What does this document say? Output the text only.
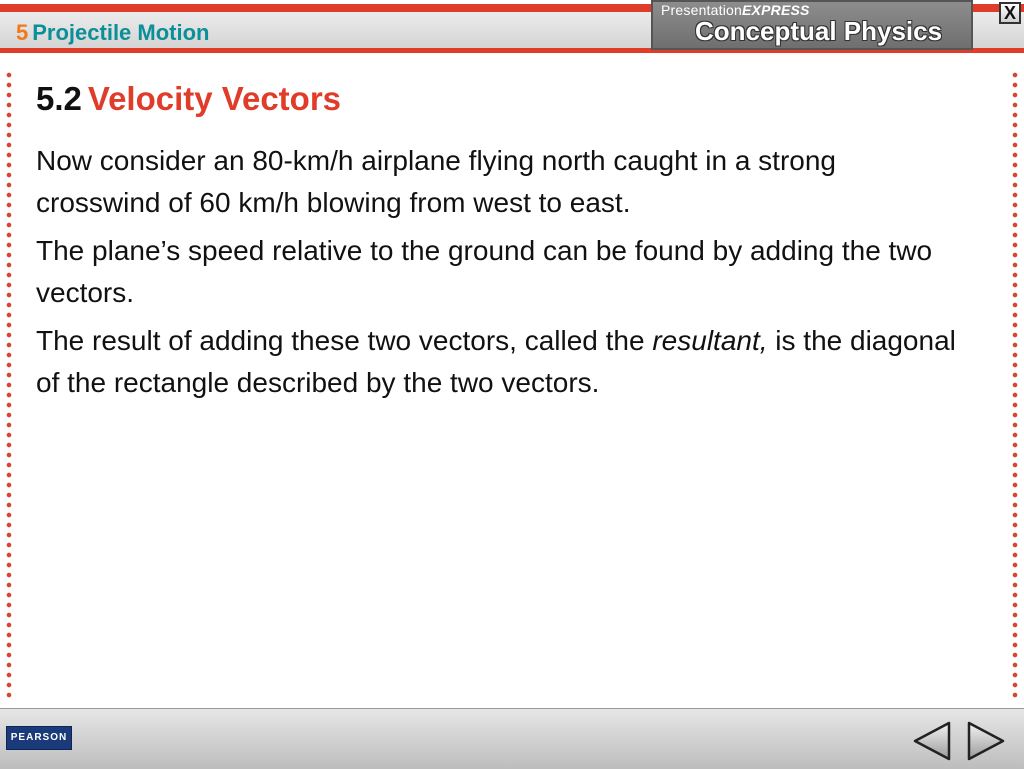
5 Projectile Motion
PresentationEXPRESS
Conceptual Physics
X
5.2 Velocity Vectors

Now consider an 80-km/h airplane flying north caught in a strong crosswind of 60 km/h blowing from west to east.

The plane’s speed relative to the ground can be found by adding the two vectors.

The result of adding these two vectors, called the resultant, is the diagonal of the rectangle described by the two vectors.

PEARSON
